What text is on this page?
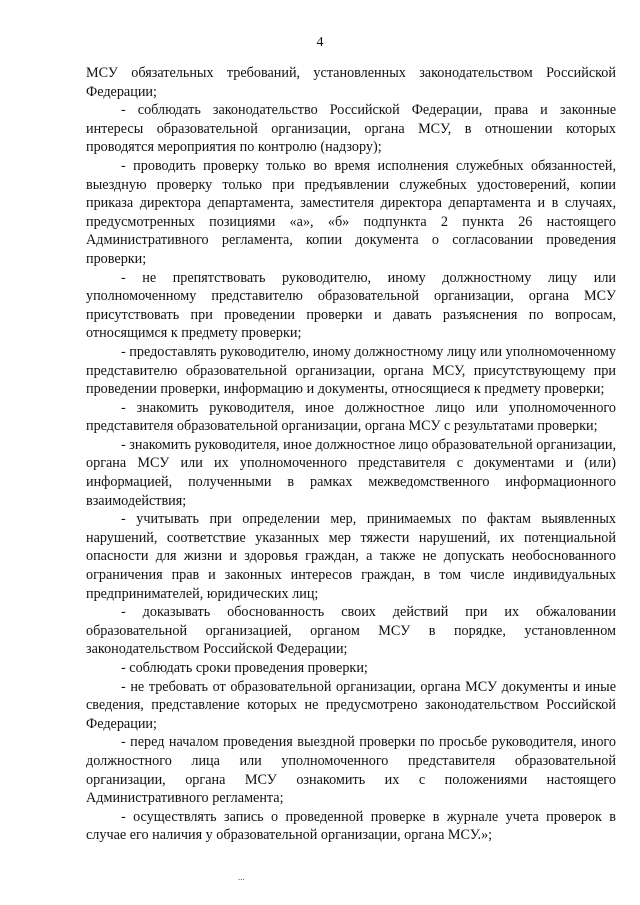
4

МСУ обязательных требований, установленных законодательством Российской Федерации;

- соблюдать законодательство Российской Федерации, права и законные интересы образовательной организации, органа МСУ, в отношении которых проводятся мероприятия по контролю (надзору);

- проводить проверку только во время исполнения служебных обязанностей, выездную проверку только при предъявлении служебных удостоверений, копии приказа директора департамента, заместителя директора департамента и в случаях, предусмотренных позициями «а», «б» подпункта 2 пункта 26 настоящего Административного регламента, копии документа о согласовании проведения проверки;

- не препятствовать руководителю, иному должностному лицу или уполномоченному представителю образовательной организации, органа МСУ присутствовать при проведении проверки и давать разъяснения по вопросам, относящимся к предмету проверки;

- предоставлять руководителю, иному должностному лицу или уполномоченному представителю образовательной организации, органа МСУ, присутствующему при проведении проверки, информацию и документы, относящиеся к предмету проверки;

- знакомить руководителя, иное должностное лицо или уполномоченного представителя образовательной организации, органа МСУ с результатами проверки;

- знакомить руководителя, иное должностное лицо образовательной организации, органа МСУ или их уполномоченного представителя с документами и (или) информацией, полученными в рамках межведомственного информационного взаимодействия;

- учитывать при определении мер, принимаемых по фактам выявленных нарушений, соответствие указанных мер тяжести нарушений, их потенциальной опасности для жизни и здоровья граждан, а также не допускать необоснованного ограничения прав и законных интересов граждан, в том числе индивидуальных предпринимателей, юридических лиц;

- доказывать обоснованность своих действий при их обжаловании образовательной организацией, органом МСУ в порядке, установленном законодательством Российской Федерации;

- соблюдать сроки проведения проверки;

- не требовать от образовательной организации, органа МСУ документы и иные сведения, представление которых не предусмотрено законодательством Российской Федерации;

- перед началом проведения выездной проверки по просьбе руководителя, иного должностного лица или уполномоченного представителя образовательной организации, органа МСУ ознакомить их с положениями настоящего Административного регламента;

- осуществлять запись о проведенной проверке в журнале учета проверок в случае его наличия у образовательной организации, органа МСУ.»;

...
